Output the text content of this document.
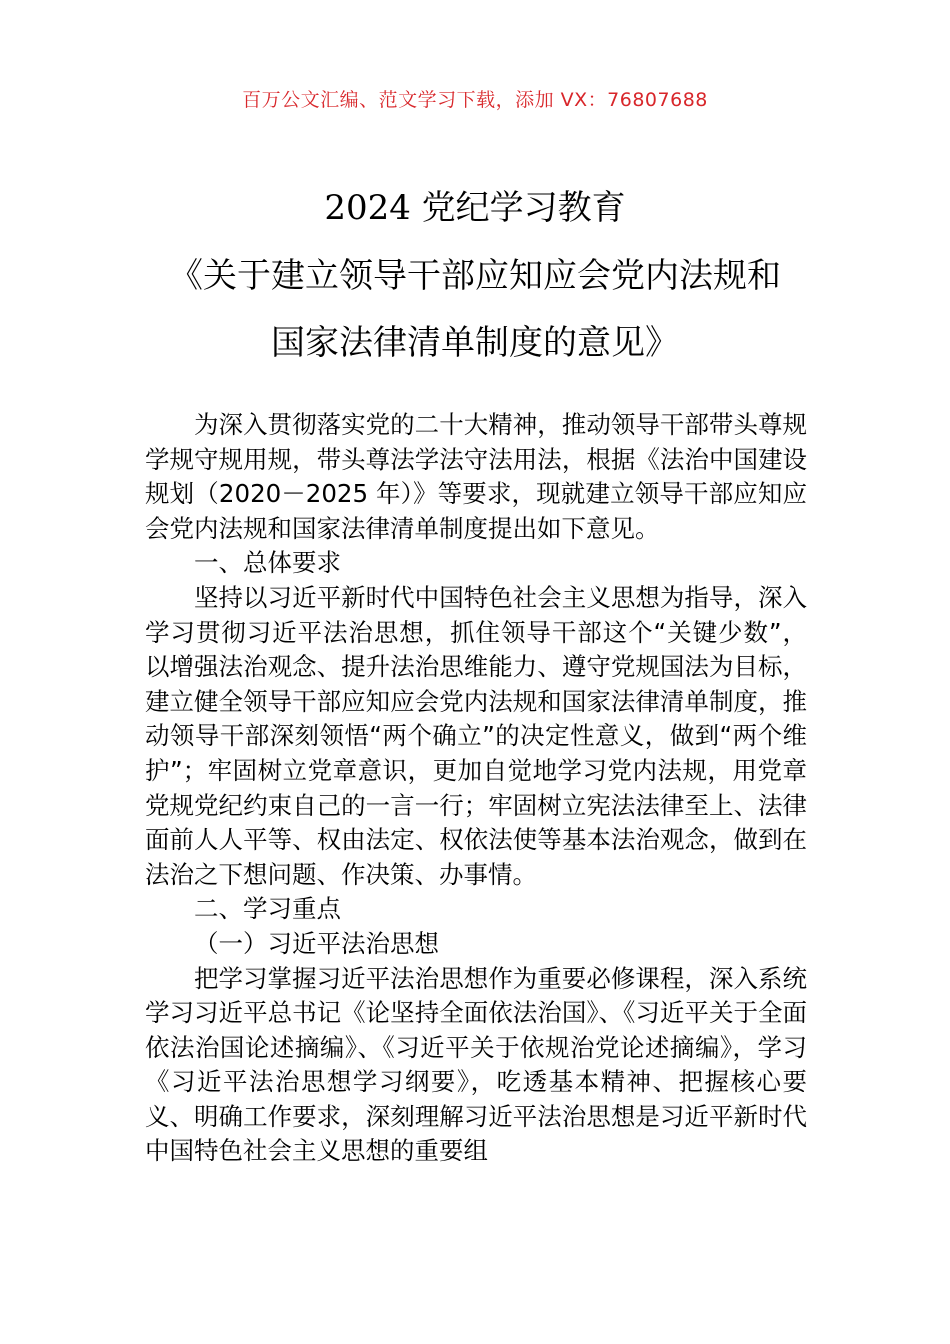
百万公文汇编、范文学习下载，添加 VX：76807688
2024 党纪学习教育
《关于建立领导干部应知应会党内法规和
国家法律清单制度的意见》

为深入贯彻落实党的二十大精神，推动领导干部带头尊规学规守规用规，带头尊法学法守法用法，根据《法治中国建设规划（2020－2025 年）》等要求，现就建立领导干部应知应会党内法规和国家法律清单制度提出如下意见。

一、总体要求

坚持以习近平新时代中国特色社会主义思想为指导，深入学习贯彻习近平法治思想，抓住领导干部这个“关键少数”，以增强法治观念、提升法治思维能力、遵守党规国法为目标，建立健全领导干部应知应会党内法规和国家法律清单制度，推动领导干部深刻领悟“两个确立”的决定性意义，做到“两个维护”；牢固树立党章意识，更加自觉地学习党内法规，用党章党规党纪约束自己的一言一行；牢固树立宪法法律至上、法律面前人人平等、权由法定、权依法使等基本法治观念，做到在法治之下想问题、作决策、办事情。

二、学习重点

（一）习近平法治思想

把学习掌握习近平法治思想作为重要必修课程，深入系统学习习近平总书记《论坚持全面依法治国》、《习近平关于全面依法治国论述摘编》、《习近平关于依规治党论述摘编》，学习《习近平法治思想学习纲要》，吃透基本精神、把握核心要义、明确工作要求，深刻理解习近平法治思想是习近平新时代中国特色社会主义思想的重要组
